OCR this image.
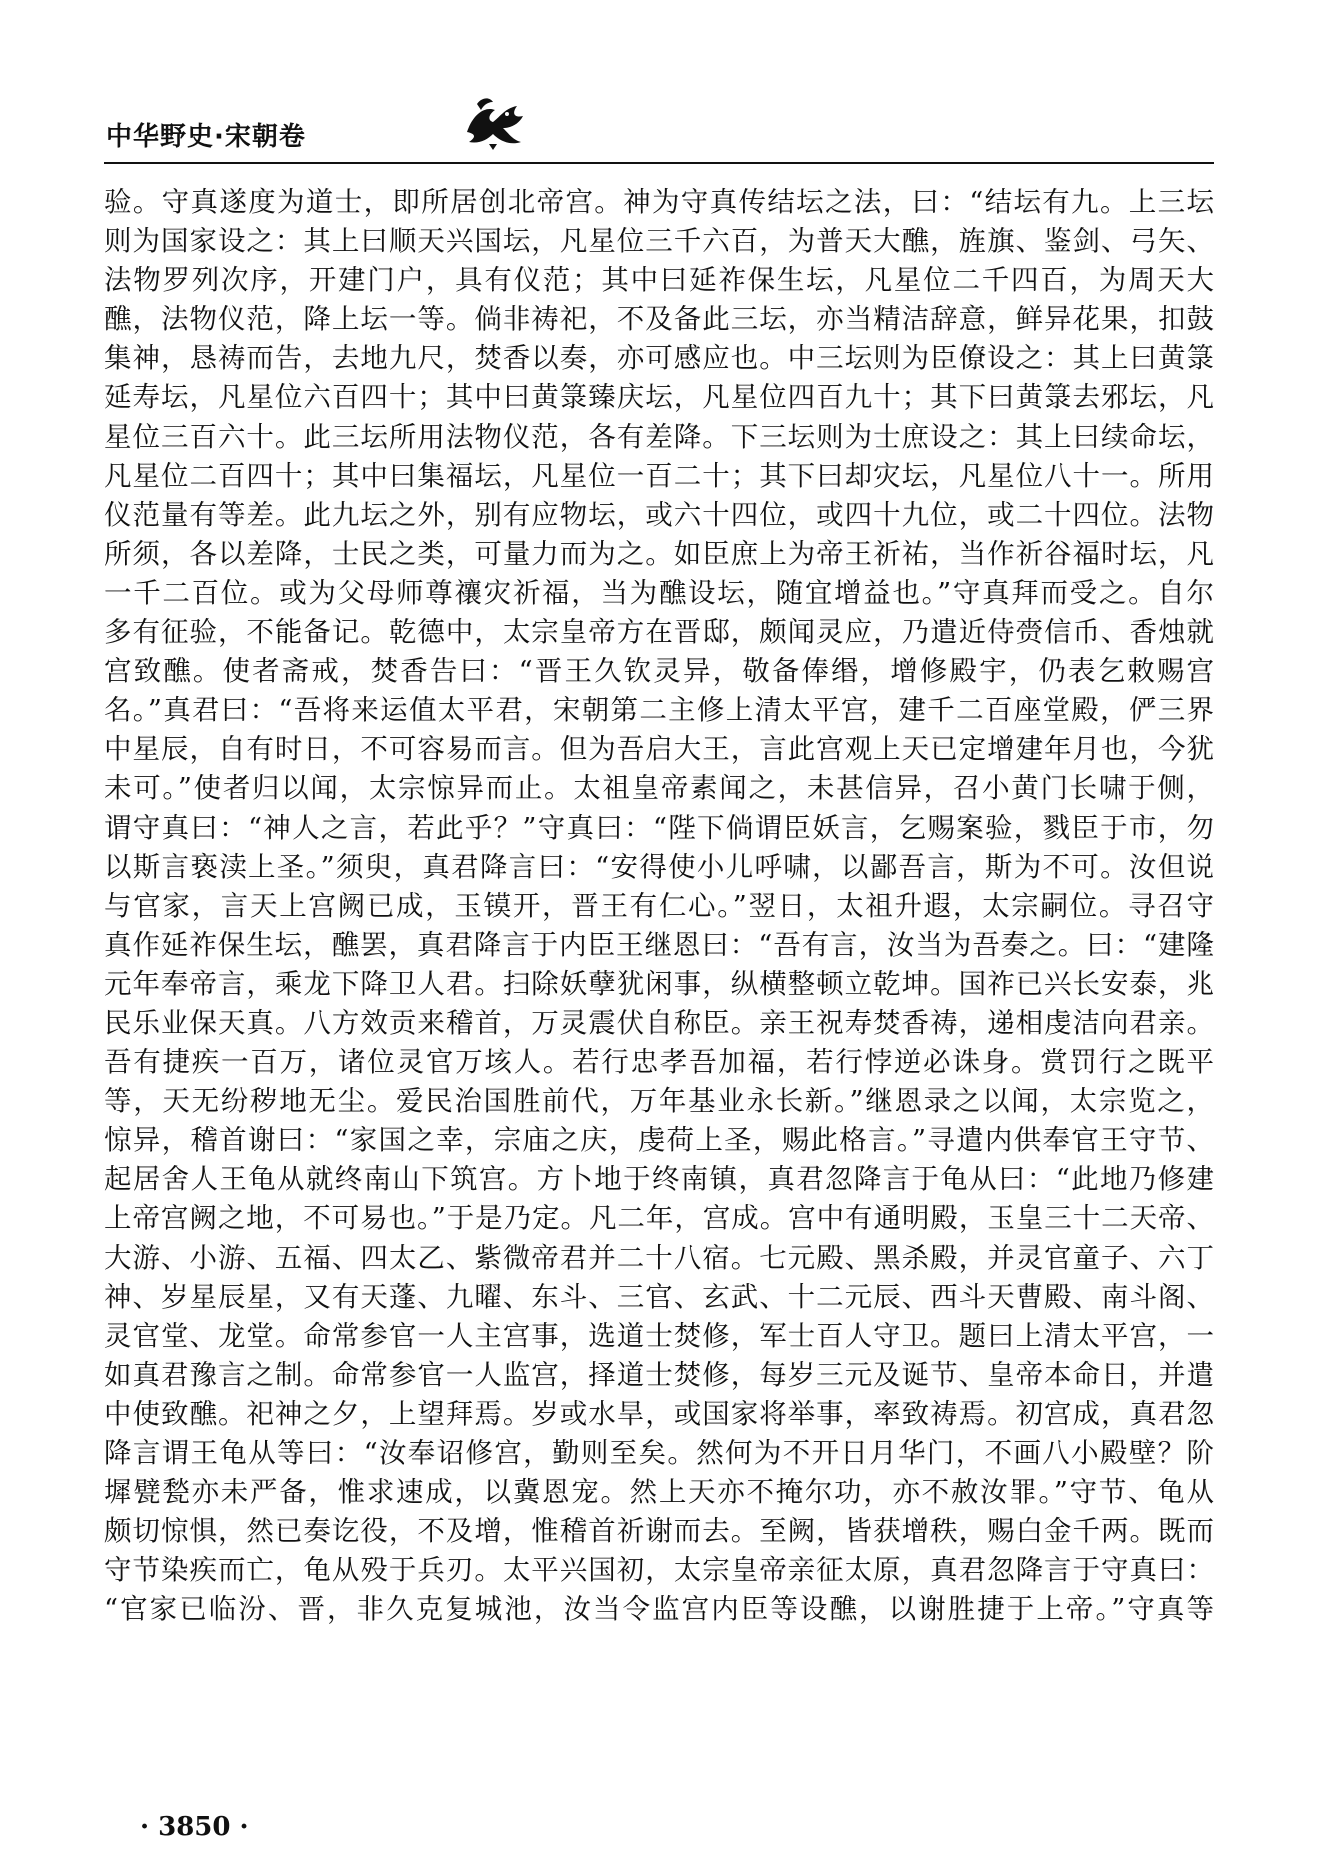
中华野史·宋朝卷
验。守真遂度为道士，即所居创北帝宫。神为守真传结坛之法，曰：“结坛有九。上三坛
则为国家设之：其上曰顺天兴国坛，凡星位三千六百，为普天大醮，旌旗、鉴剑、弓矢、
法物罗列次序，开建门户，具有仪范；其中曰延祚保生坛，凡星位二千四百，为周天大
醮，法物仪范，降上坛一等。倘非祷祀，不及备此三坛，亦当精洁辞意，鲜异花果，扣鼓
集神，恳祷而告，去地九尺，焚香以奏，亦可感应也。中三坛则为臣僚设之：其上曰黄箓
延寿坛，凡星位六百四十；其中曰黄箓臻庆坛，凡星位四百九十；其下曰黄箓去邪坛，凡
星位三百六十。此三坛所用法物仪范，各有差降。下三坛则为士庶设之：其上曰续命坛，
凡星位二百四十；其中曰集福坛，凡星位一百二十；其下曰却灾坛，凡星位八十一。所用
仪范量有等差。此九坛之外，别有应物坛，或六十四位，或四十九位，或二十四位。法物
所须，各以差降，士民之类，可量力而为之。如臣庶上为帝王祈祐，当作祈谷福时坛，凡
一千二百位。或为父母师尊禳灾祈福，当为醮设坛，随宜增益也。”守真拜而受之。自尔
多有征验，不能备记。乾德中，太宗皇帝方在晋邸，颇闻灵应，乃遣近侍赍信币、香烛就
宫致醮。使者斋戒，焚香告曰：“晋王久钦灵异，敬备俸缗，增修殿宇，仍表乞敕赐宫
名。”真君曰：“吾将来运值太平君，宋朝第二主修上清太平宫，建千二百座堂殿，俨三界
中星辰，自有时日，不可容易而言。但为吾启大王，言此宫观上天已定增建年月也，今犹
未可。”使者归以闻，太宗惊异而止。太祖皇帝素闻之，未甚信异，召小黄门长啸于侧，
谓守真曰：“神人之言，若此乎？”守真曰：“陛下倘谓臣妖言，乞赐案验，戮臣于市，勿
以斯言亵渎上圣。”须臾，真君降言曰：“安得使小儿呼啸，以鄙吾言，斯为不可。汝但说
与官家，言天上宫阙已成，玉镆开，晋王有仁心。”翌日，太祖升遐，太宗嗣位。寻召守
真作延祚保生坛，醮罢，真君降言于内臣王继恩曰：“吾有言，汝当为吾奏之。曰：“建隆
元年奉帝言，乘龙下降卫人君。扫除妖孽犹闲事，纵横整顿立乾坤。国祚已兴长安泰，兆
民乐业保天真。八方效贡来稽首，万灵震伏自称臣。亲王祝寿焚香祷，递相虔洁向君亲。
吾有捷疾一百万，诸位灵官万垓人。若行忠孝吾加福，若行悖逆必诛身。赏罚行之既平
等，天无纷秽地无尘。爱民治国胜前代，万年基业永长新。”继恩录之以闻，太宗览之，
惊异，稽首谢曰：“家国之幸，宗庙之庆，虔荷上圣，赐此格言。”寻遣内供奉官王守节、
起居舍人王龟从就终南山下筑宫。方卜地于终南镇，真君忽降言于龟从曰：“此地乃修建
上帝宫阙之地，不可易也。”于是乃定。凡二年，宫成。宫中有通明殿，玉皇三十二天帝、
大游、小游、五福、四太乙、紫微帝君并二十八宿。七元殿、黑杀殿，并灵官童子、六丁
神、岁星辰星，又有天蓬、九曜、东斗、三官、玄武、十二元辰、西斗天曹殿、南斗阁、
灵官堂、龙堂。命常参官一人主宫事，选道士焚修，军士百人守卫。题曰上清太平宫，一
如真君豫言之制。命常参官一人监宫，择道士焚修，每岁三元及诞节、皇帝本命日，并遣
中使致醮。祀神之夕，上望拜焉。岁或水旱，或国家将举事，率致祷焉。初宫成，真君忽
降言谓王龟从等曰：“汝奉诏修宫，勤则至矣。然何为不开日月华门，不画八小殿壁？阶
墀甓甃亦未严备，惟求速成，以冀恩宠。然上天亦不掩尔功，亦不赦汝罪。”守节、龟从
颇切惊惧，然已奏讫役，不及增，惟稽首祈谢而去。至阙，皆获增秩，赐白金千两。既而
守节染疾而亡，龟从殁于兵刃。太平兴国初，太宗皇帝亲征太原，真君忽降言于守真曰：
“官家已临汾、晋，非久克复城池，汝当令监宫内臣等设醮，以谢胜捷于上帝。”守真等
· 3850 ·
